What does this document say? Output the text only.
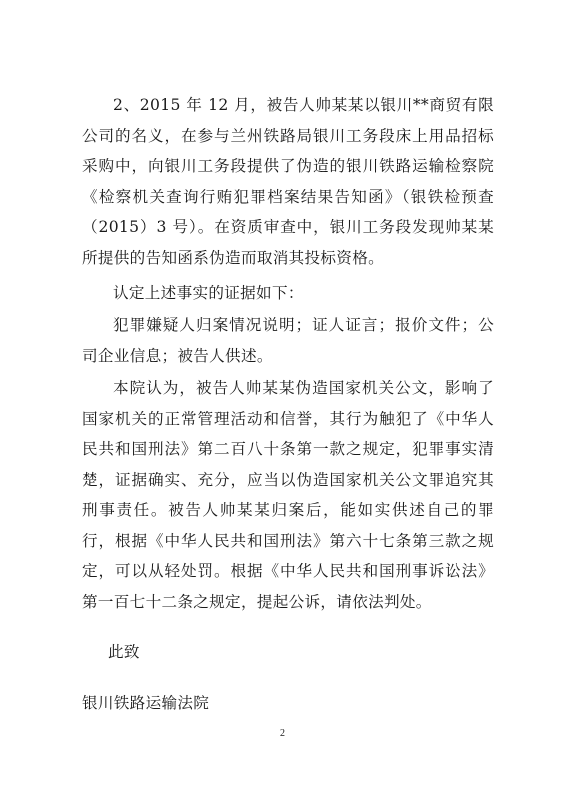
2、2015 年 12 月，被告人帅某某以银川**商贸有限公司的名义，在参与兰州铁路局银川工务段床上用品招标采购中，向银川工务段提供了伪造的银川铁路运输检察院《检察机关查询行贿犯罪档案结果告知函》（银铁检预查（2015）3 号）。在资质审查中，银川工务段发现帅某某所提供的告知函系伪造而取消其投标资格。
认定上述事实的证据如下：
犯罪嫌疑人归案情况说明；证人证言；报价文件；公司企业信息；被告人供述。
本院认为，被告人帅某某伪造国家机关公文，影响了国家机关的正常管理活动和信誉，其行为触犯了《中华人民共和国刑法》第二百八十条第一款之规定，犯罪事实清楚，证据确实、充分，应当以伪造国家机关公文罪追究其刑事责任。被告人帅某某归案后，能如实供述自己的罪行，根据《中华人民共和国刑法》第六十七条第三款之规定，可以从轻处罚。根据《中华人民共和国刑事诉讼法》第一百七十二条之规定，提起公诉，请依法判处。
此致
银川铁路运输法院
2
